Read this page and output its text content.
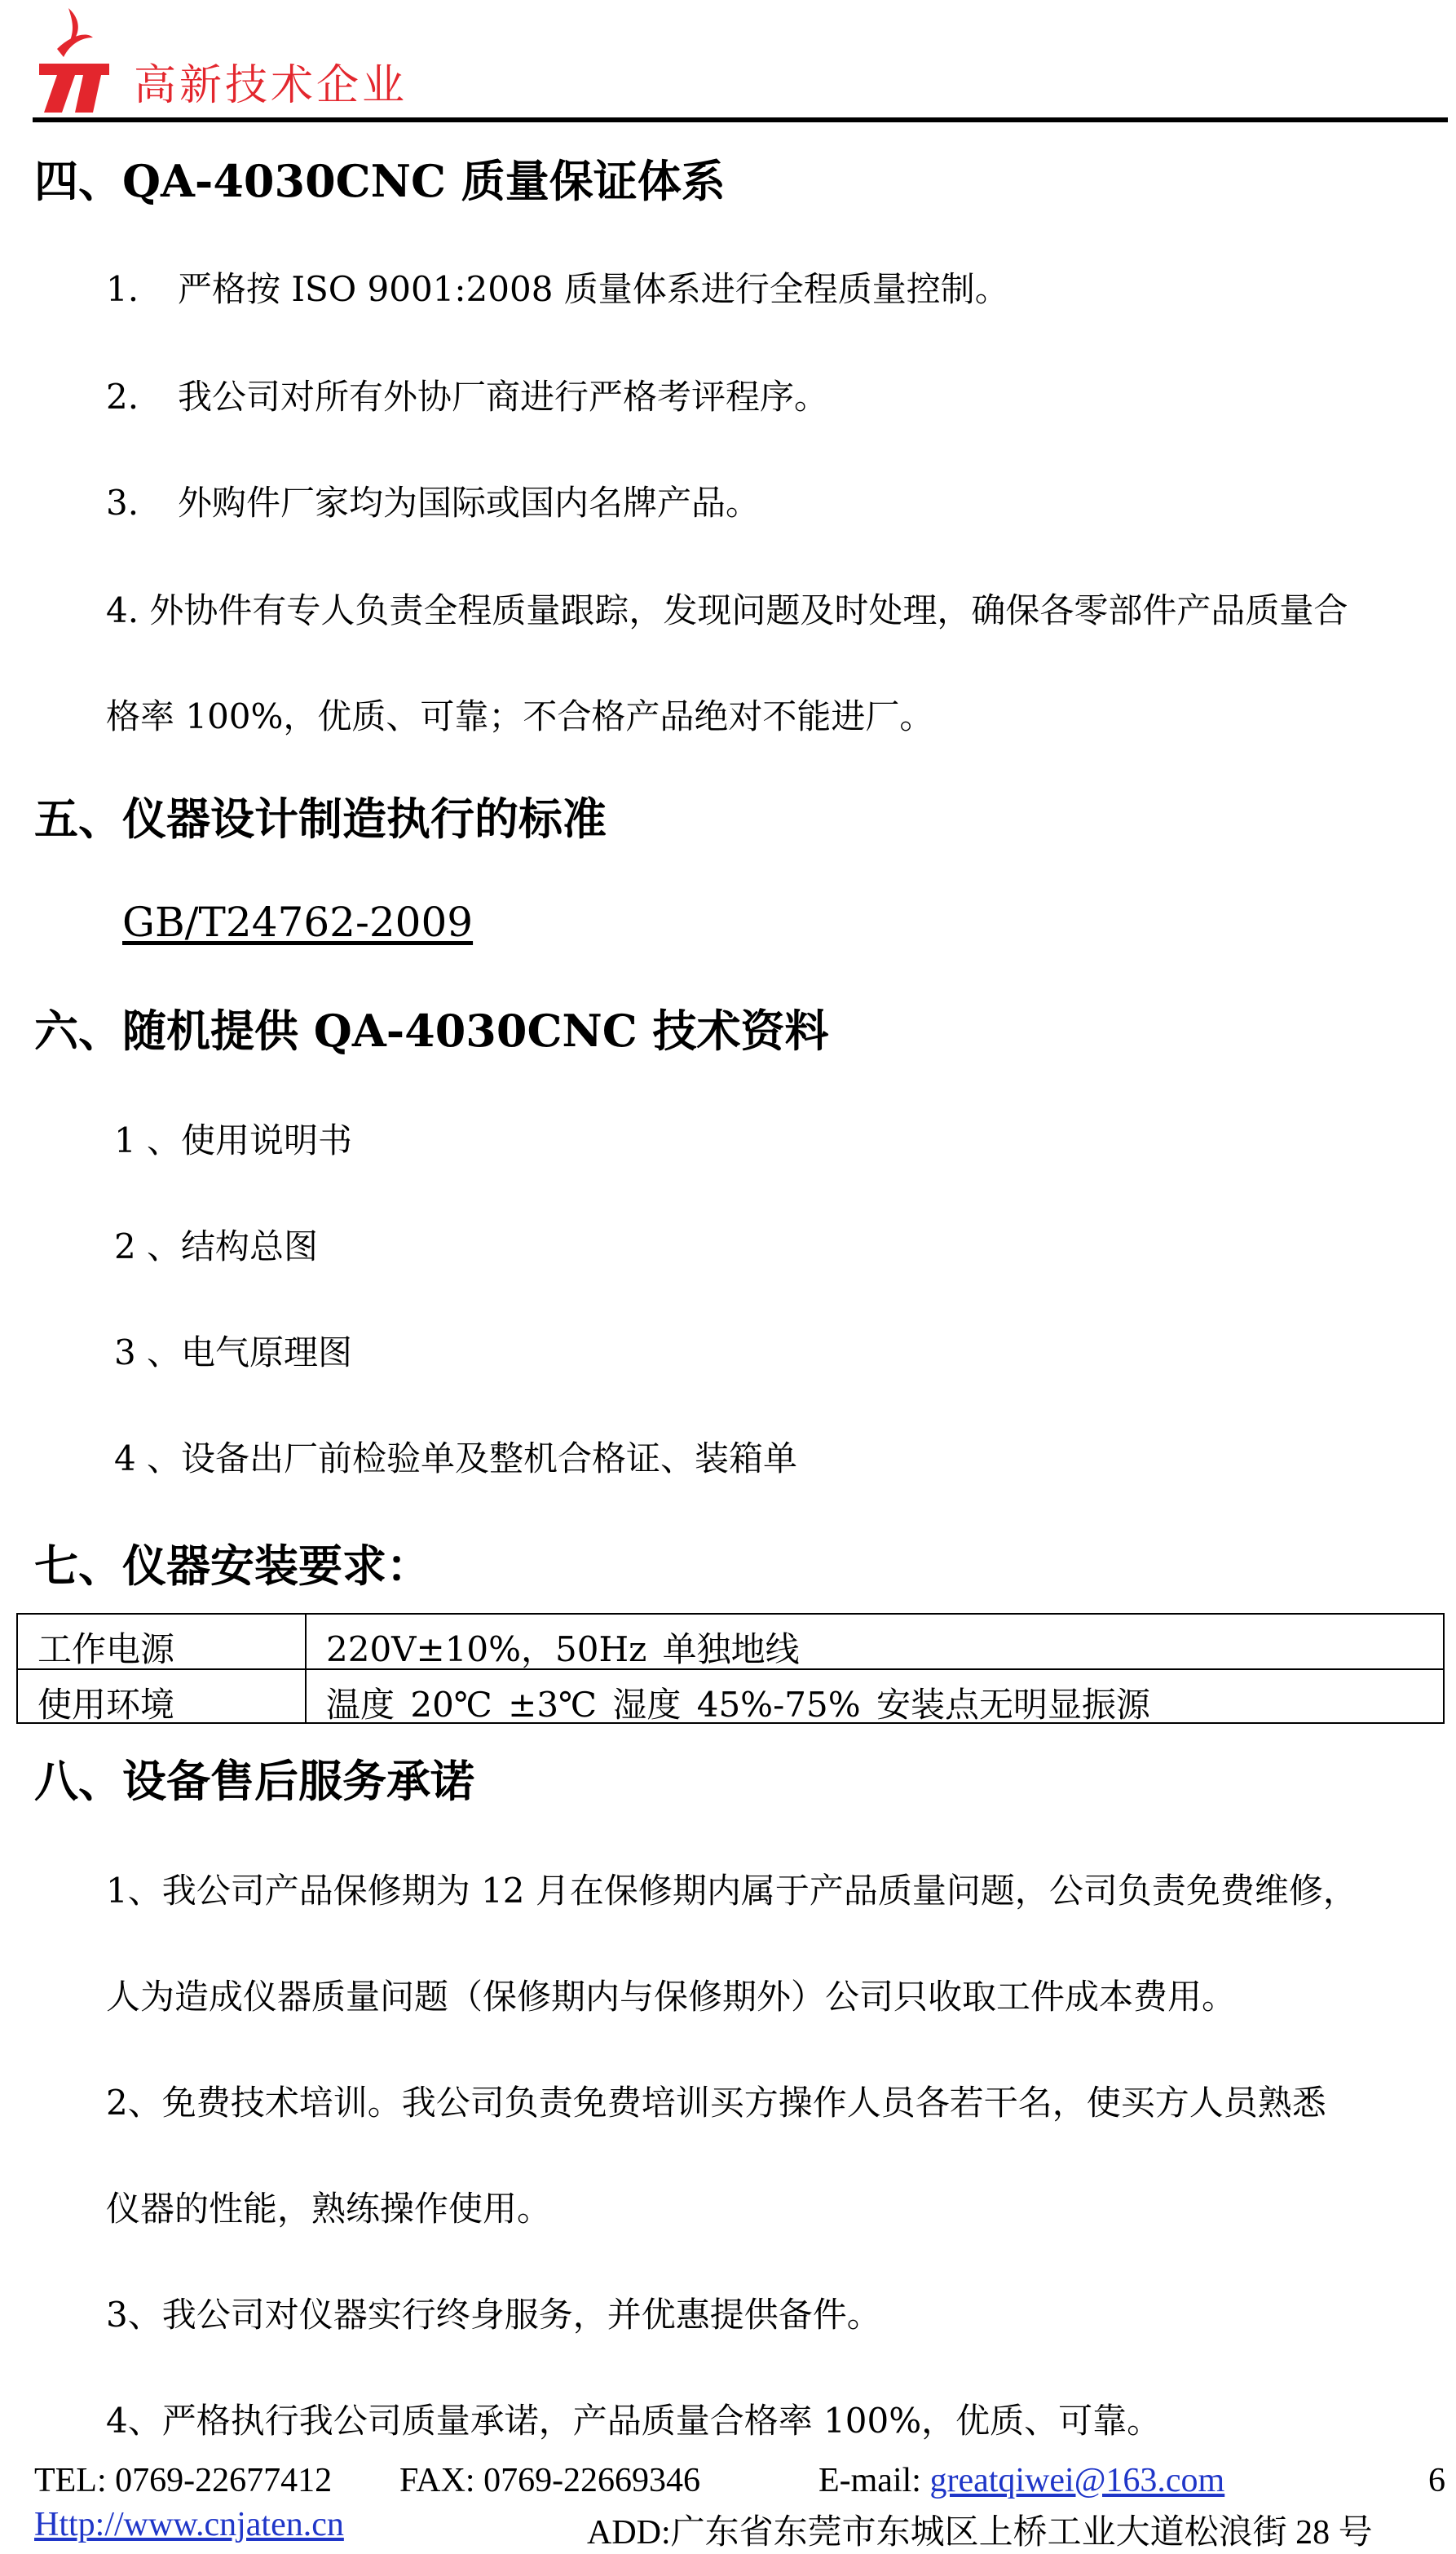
高新技术企业
四、QA-4030CNC 质量保证体系
1. 严格按 ISO 9001:2008 质量体系进行全程质量控制。
2. 我公司对所有外协厂商进行严格考评程序。
3. 外购件厂家均为国际或国内名牌产品。
4. 外协件有专人负责全程质量跟踪，发现问题及时处理，确保各零部件产品质量合
格率 100%，优质、可靠；不合格产品绝对不能进厂。
五、仪器设计制造执行的标准
GB/T24762-2009
六、随机提供 QA-4030CNC 技术资料
1 、使用说明书
2 、结构总图
3 、电气原理图
4 、设备出厂前检验单及整机合格证、装箱单
七、仪器安装要求：
工作电源	220V±10%，50Hz 单独地线
使用环境	温度 20℃ ±3℃ 湿度 45%-75% 安装点无明显振源
八、设备售后服务承诺
1、我公司产品保修期为 12 月在保修期内属于产品质量问题，公司负责免费维修，
人为造成仪器质量问题（保修期内与保修期外）公司只收取工件成本费用。
2、免费技术培训。我公司负责免费培训买方操作人员各若干名，使买方人员熟悉
仪器的性能，熟练操作使用。
3、我公司对仪器实行终身服务，并优惠提供备件。
4、严格执行我公司质量承诺，产品质量合格率 100%，优质、可靠。
TEL: 0769-22677412 FAX: 0769-22669346	E-mail: greatqiwei@163.com	6
Http://www.cnjaten.cn	ADD:广东省东莞市东城区上桥工业大道松浪街 28 号
